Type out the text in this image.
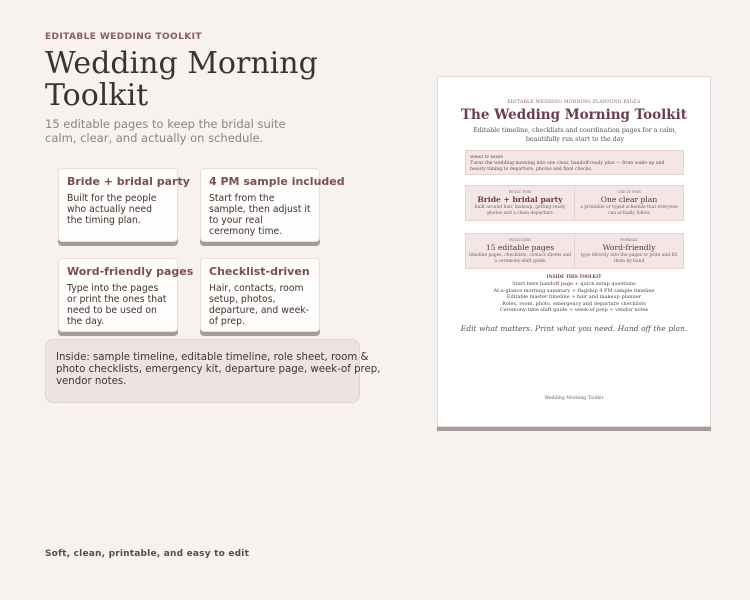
EDITABLE WEDDING TOOLKIT
Wedding Morning Toolkit

15 editable pages to keep the bridal suite calm, clear, and actually on schedule.

Bride + bridal party

Built for the people who actually need the timing plan.

4 PM sample included

Start from the sample, then adjust it to your real ceremony time.

Word-friendly pages

Type into the pages or print the ones that need to be used on the day.

Checklist-driven

Hair, contacts, room setup, photos, departure, and week-of prep.

Inside: sample timeline, editable timeline, role sheet, room & photo checklists, emergency kit, departure page, week-of prep, vendor notes.
Soft, clean, printable, and easy to edit
EDITABLE WEDDING MORNING PLANNING PAGES
The Wedding Morning Toolkit
Editable timeline, checklists and coordination pages for a calm, beautifully run start to the day
WHAT IT DOES
Turns the wedding morning into one clear, handoff-ready plan — from wake-up and beauty timing to departure, photos and final checks.
BUILT FOR
Bride + bridal party
built around hair, makeup, getting-ready photos and a clean departure
USE IT FOR
One clear plan
a printable or typed schedule that everyone can actually follow
INCLUDED
15 editable pages
timeline pages, checklists, contact sheets and a ceremony-shift guide
FORMAT
Word-friendly
type directly into the pages or print and fill them by hand
INSIDE THIS TOOLKIT
Start-here handoff page + quick setup questions
At-a-glance morning summary + flagship 4 PM sample timeline
Editable master timeline + hair and makeup planner
Roles, room, photo, emergency and departure checklists
Ceremony-time shift guide + week-of prep + vendor notes
Edit what matters. Print what you need. Hand off the plan.
Wedding Morning Toolkit
